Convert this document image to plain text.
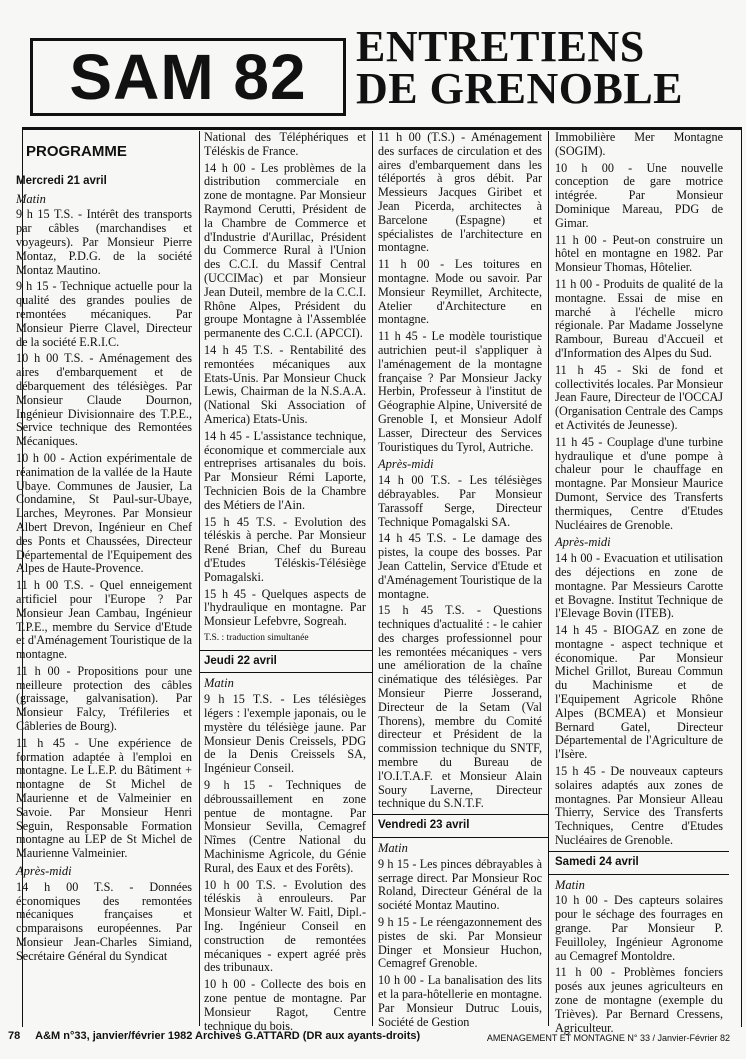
SAM 82 ENTRETIENS
DE GRENOBLE
PROGRAMME
Mercredi 21 avril
Matin

9 h 15 T.S. - Intérêt des transports par câbles (marchandises et voyageurs). Par Monsieur Pierre Montaz, P.D.G. de la société Montaz Mautino.

9 h 15 - Technique actuelle pour la qualité des grandes poulies de remontées mécaniques. Par Monsieur Pierre Clavel, Directeur de la société E.R.I.C.

10 h 00 T.S. - Aménagement des aires d'embarquement et de débarquement des télésièges. Par Monsieur Claude Dournon, Ingénieur Divisionnaire des T.P.E., Service technique des Remontées Mécaniques.

10 h 00 - Action expérimentale de réanimation de la vallée de la Haute Ubaye. Communes de Jausier, La Condamine, St Paul-sur-Ubaye, Larches, Meyrones. Par Monsieur Albert Drevon, Ingénieur en Chef des Ponts et Chaussées, Directeur Départemental de l'Equipement des Alpes de Haute-Provence.

11 h 00 T.S. - Quel enneigement artificiel pour l'Europe ? Par Monsieur Jean Cambau, Ingénieur T.P.E., membre du Service d'Etude et d'Aménagement Touristique de la montagne.

11 h 00 - Propositions pour une meilleure protection des câbles (graissage, galvanisation). Par Monsieur Falcy, Tréfileries et Câbleries de Bourg).

11 h 45 - Une expérience de formation adaptée à l'emploi en montagne. Le L.E.P. du Bâtiment + montagne de St Michel de Maurienne et de Valmeinier en Savoie. Par Monsieur Henri Seguin, Responsable Formation montagne au LEP de St Michel de Maurienne Valmeinier.

Après-midi

14 h 00 T.S. - Données économiques des remontées mécaniques françaises et comparaisons européennes. Par Monsieur Jean-Charles Simiand, Secrétaire Général du Syndicat

National des Téléphériques et Téléskis de France.

14 h 00 - Les problèmes de la distribution commerciale en zone de montagne. Par Monsieur Raymond Cerutti, Président de la Chambre de Commerce et d'Industrie d'Aurillac, Président du Commerce Rural à l'Union des C.C.I. du Massif Central (UCCIMac) et par Monsieur Jean Duteil, membre de la C.C.I. Rhône Alpes, Président du groupe Montagne à l'Assemblée permanente des C.C.I. (APCCI).

14 h 45 T.S. - Rentabilité des remontées mécaniques aux Etats-Unis. Par Monsieur Chuck Lewis, Chairman de la N.S.A.A. (National Ski Association of America) Etats-Unis.

14 h 45 - L'assistance technique, économique et commerciale aux entreprises artisanales du bois. Par Monsieur Rémi Laporte, Technicien Bois de la Chambre des Métiers de l'Ain.

15 h 45 T.S. - Evolution des téléskis à perche. Par Monsieur René Brian, Chef du Bureau d'Etudes Téléskis-Télésiège Pomagalski.

15 h 45 - Quelques aspects de l'hydraulique en montagne. Par Monsieur Lefebvre, Sogreah.

T.S. : traduction simultanée
Jeudi 22 avril
Matin

9 h 15 T.S. - Les télésièges légers : l'exemple japonais, ou le mystère du télésiège jaune. Par Monsieur Denis Creissels, PDG de la Denis Creissels SA, Ingénieur Conseil.

9 h 15 - Techniques de débroussaillement en zone pentue de montagne. Par Monsieur Sevilla, Cemagref Nîmes (Centre National du Machinisme Agricole, du Génie Rural, des Eaux et des Forêts).

10 h 00 T.S. - Evolution des téléskis à enrouleurs. Par Monsieur Walter W. Faitl, Dipl.-Ing. Ingénieur Conseil en construction de remontées mécaniques - expert agréé près des tribunaux.

10 h 00 - Collecte des bois en zone pentue de montagne. Par Monsieur Ragot, Centre technique du bois.

11 h 00 (T.S.) - Aménagement des surfaces de circulation et des aires d'embarquement dans les téléportés à gros débit. Par Messieurs Jacques Giribet et Jean Picerda, architectes à Barcelone (Espagne) et spécialistes de l'architecture en montagne.

11 h 00 - Les toitures en montagne. Mode ou savoir. Par Monsieur Reymillet, Architecte, Atelier d'Architecture en montagne.

11 h 45 - Le modèle touristique autrichien peut-il s'appliquer à l'aménagement de la montagne française ? Par Monsieur Jacky Herbin, Professeur à l'institut de Géographie Alpine, Université de Grenoble I, et Monsieur Adolf Lasser, Directeur des Services Touristiques du Tyrol, Autriche.

Après-midi

14 h 00 T.S. - Les télésièges débrayables. Par Monsieur Tarassoff Serge, Directeur Technique Pomagalski SA.

14 h 45 T.S. - Le damage des pistes, la coupe des bosses. Par Jean Cattelin, Service d'Etude et d'Aménagement Touristique de la montagne.

15 h 45 T.S. - Questions techniques d'actualité : - le cahier des charges professionnel pour les remontées mécaniques - vers une amélioration de la chaîne cinématique des télésièges. Par Monsieur Pierre Josserand, Directeur de la Setam (Val Thorens), membre du Comité directeur et Président de la commission technique du SNTF, membre du Bureau de l'O.I.T.A.F. et Monsieur Alain Soury Laverne, Directeur technique du S.N.T.F.

Vendredi 23 avril
Matin

9 h 15 - Les pinces débrayables à serrage direct. Par Monsieur Roc Roland, Directeur Général de la société Montaz Mautino.

9 h 15 - Le réengazonnement des pistes de ski. Par Monsieur Dinger et Monsieur Huchon, Cemagref Grenoble.

10 h 00 - La banalisation des lits et la para-hôtellerie en montagne. Par Monsieur Dutruc Louis, Société de Gestion

Immobilière Mer Montagne (SOGIM).

10 h 00 - Une nouvelle conception de gare motrice intégrée. Par Monsieur Dominique Mareau, PDG de Gimar.

11 h 00 - Peut-on construire un hôtel en montagne en 1982. Par Monsieur Thomas, Hôtelier.

11 h 00 - Produits de qualité de la montagne. Essai de mise en marché à l'échelle micro régionale. Par Madame Josselyne Rambour, Bureau d'Accueil et d'Information des Alpes du Sud.

11 h 45 - Ski de fond et collectivités locales. Par Monsieur Jean Faure, Directeur de l'OCCAJ (Organisation Centrale des Camps et Activités de Jeunesse).

11 h 45 - Couplage d'une turbine hydraulique et d'une pompe à chaleur pour le chauffage en montagne. Par Monsieur Maurice Dumont, Service des Transferts thermiques, Centre d'Etudes Nucléaires de Grenoble.

Après-midi

14 h 00 - Evacuation et utilisation des déjections en zone de montagne. Par Messieurs Carotte et Bovagne. Institut Technique de l'Elevage Bovin (ITEB).

14 h 45 - BIOGAZ en zone de montagne - aspect technique et économique. Par Monsieur Michel Grillot, Bureau Commun du Machinisme et de l'Equipement Agricole Rhône Alpes (BCMEA) et Monsieur Bernard Gatel, Directeur Départemental de l'Agriculture de l'Isère.

15 h 45 - De nouveaux capteurs solaires adaptés aux zones de montagnes. Par Monsieur Alleau Thierry, Service des Transferts Techniques, Centre d'Etudes Nucléaires de Grenoble.

Samedi 24 avril
Matin

10 h 00 - Des capteurs solaires pour le séchage des fourrages en grange. Par Monsieur P. Feuilloley, Ingénieur Agronome au Cemagref Montoldre.

11 h 00 - Problèmes fonciers posés aux jeunes agriculteurs en zone de montagne (exemple du Trièves). Par Bernard Cressens, Agriculteur.

78 A&M n°33, janvier/février 1982 Archives G.ATTARD (DR aux ayants-droits)	AMENAGEMENT ET MONTAGNE N° 33 / Janvier-Février 82
